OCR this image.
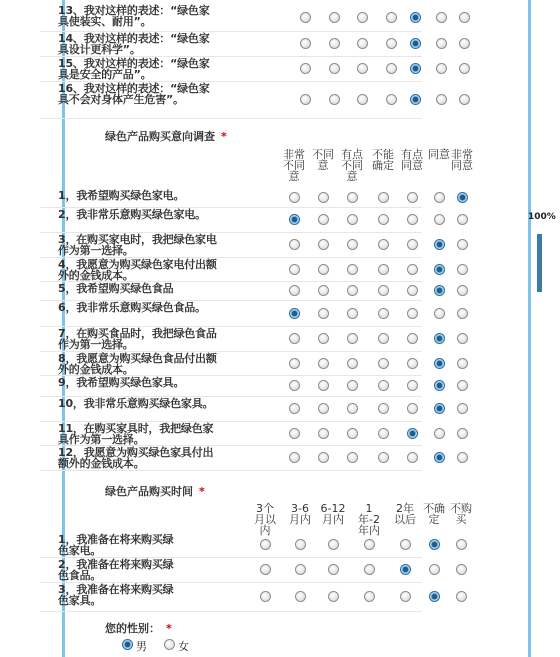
13、我对这样的表述：“绿色家具使装实、耐用”。
14、我对这样的表述：“绿色家具设计更科学”。
15、我对这样的表述：“绿色家具是安全的产品”。
16、我对这样的表述：“绿色家具不会对身体产生危害”。
绿色产品购买意向调查 *
非常不同意
不同意
有点不同意
不能确定
有点同意
同意 非常同意
1，我希望购买绿色家电。
2，我非常乐意购买绿色家电。
3，在购买家电时，我把绿色家电作为第一选择。
4，我愿意为购买绿色家电付出额外的金钱成本。
5，我希望购买绿色食品
6，我非常乐意购买绿色食品。
7，在购买食品时，我把绿色食品作为第一选择。
8，我愿意为购买绿色食品付出额外的金钱成本。
9，我希望购买绿色家具。
10，我非常乐意购买绿色家具。
11，在购买家具时，我把绿色家具作为第一选择。
12，我愿意为购买绿色家具付出额外的金钱成本。
绿色产品购买时间 *
3个月以内
3-6月内
6-12月内
1年-2年内
2年以后
不确定
不购买
1，我准备在将来购买绿色家电。
2，我准备在将来购买绿色食品。
3，我准备在将来购买绿色家具。
您的性别： *
男	女
100%
